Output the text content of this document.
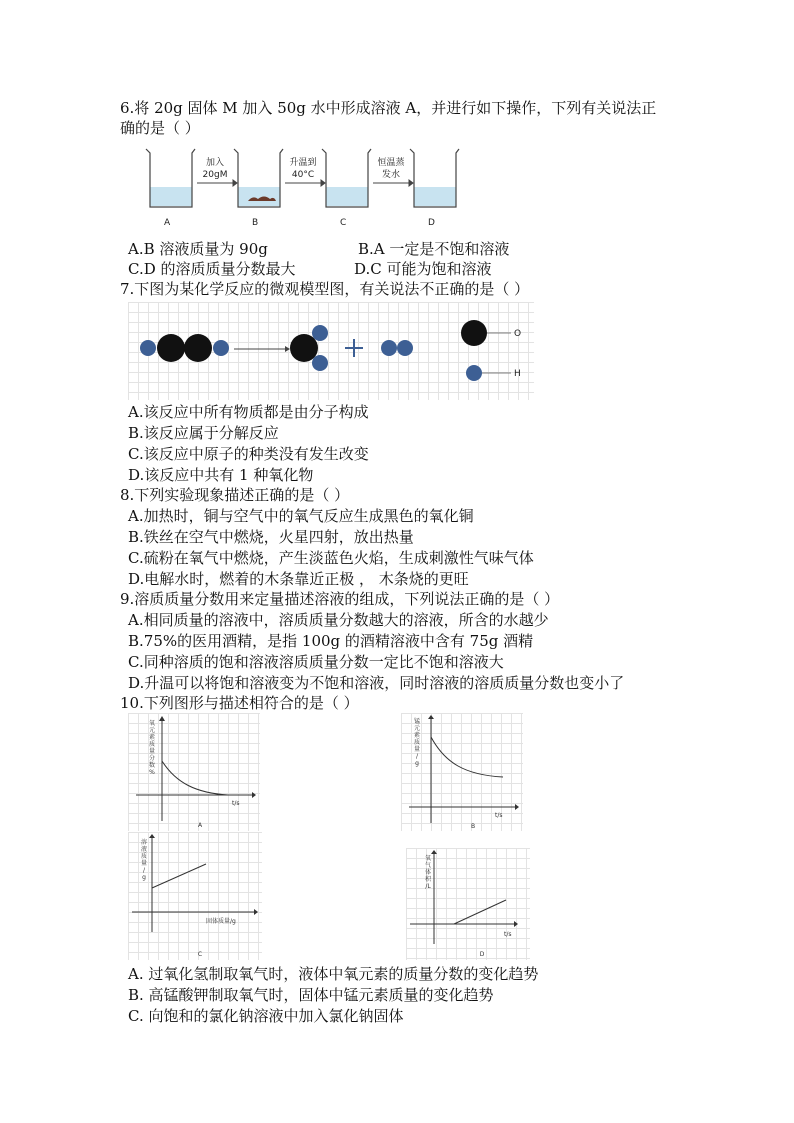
6.将 20g 固体 M 加入 50g 水中形成溶液 A，并进行如下操作，下列有关说法正
确的是（ ）
加入
20gM
升温到
40°C
恒温蒸
发水
A	B	C	D
A.B 溶液质量为 90g	B.A 一定是不饱和溶液
C.D 的溶质质量分数最大	D.C 可能为饱和溶液
7.下图为某化学反应的微观模型图，有关说法不正确的是（ ）
O
H
A.该反应中所有物质都是由分子构成
B.该反应属于分解反应
C.该反应中原子的种类没有发生改变
D.该反应中共有 1 种氧化物
8.下列实验现象描述正确的是（ ）
A.加热时，铜与空气中的氧气反应生成黑色的氧化铜
B.铁丝在空气中燃烧，火星四射，放出热量
C.硫粉在氧气中燃烧，产生淡蓝色火焰，生成刺激性气味气体
D.电解水时，燃着的木条靠近正极 ， 木条烧的更旺
9.溶质质量分数用来定量描述溶液的组成，下列说法正确的是（ ）
A.相同质量的溶液中，溶质质量分数越大的溶液，所含的水越少
B.75%的医用酒精，是指 100g 的酒精溶液中含有 75g 酒精
C.同种溶质的饱和溶液溶质质量分数一定比不饱和溶液大
D.升温可以将饱和溶液变为不饱和溶液，同时溶液的溶质质量分数也变小了
10.下列图形与描述相符合的是（ ）
氧
元
素
质
量
分
数
%
t/s
A
锰
元
素
质
量
/
g
t/s
B
溶
液
质
量
/
g
固体质量/g
C
氧
气
体
积
/L
t/s
D
A. 过氧化氢制取氧气时，液体中氧元素的质量分数的变化趋势
B. 高锰酸钾制取氧气时，固体中锰元素质量的变化趋势
C. 向饱和的氯化钠溶液中加入氯化钠固体
